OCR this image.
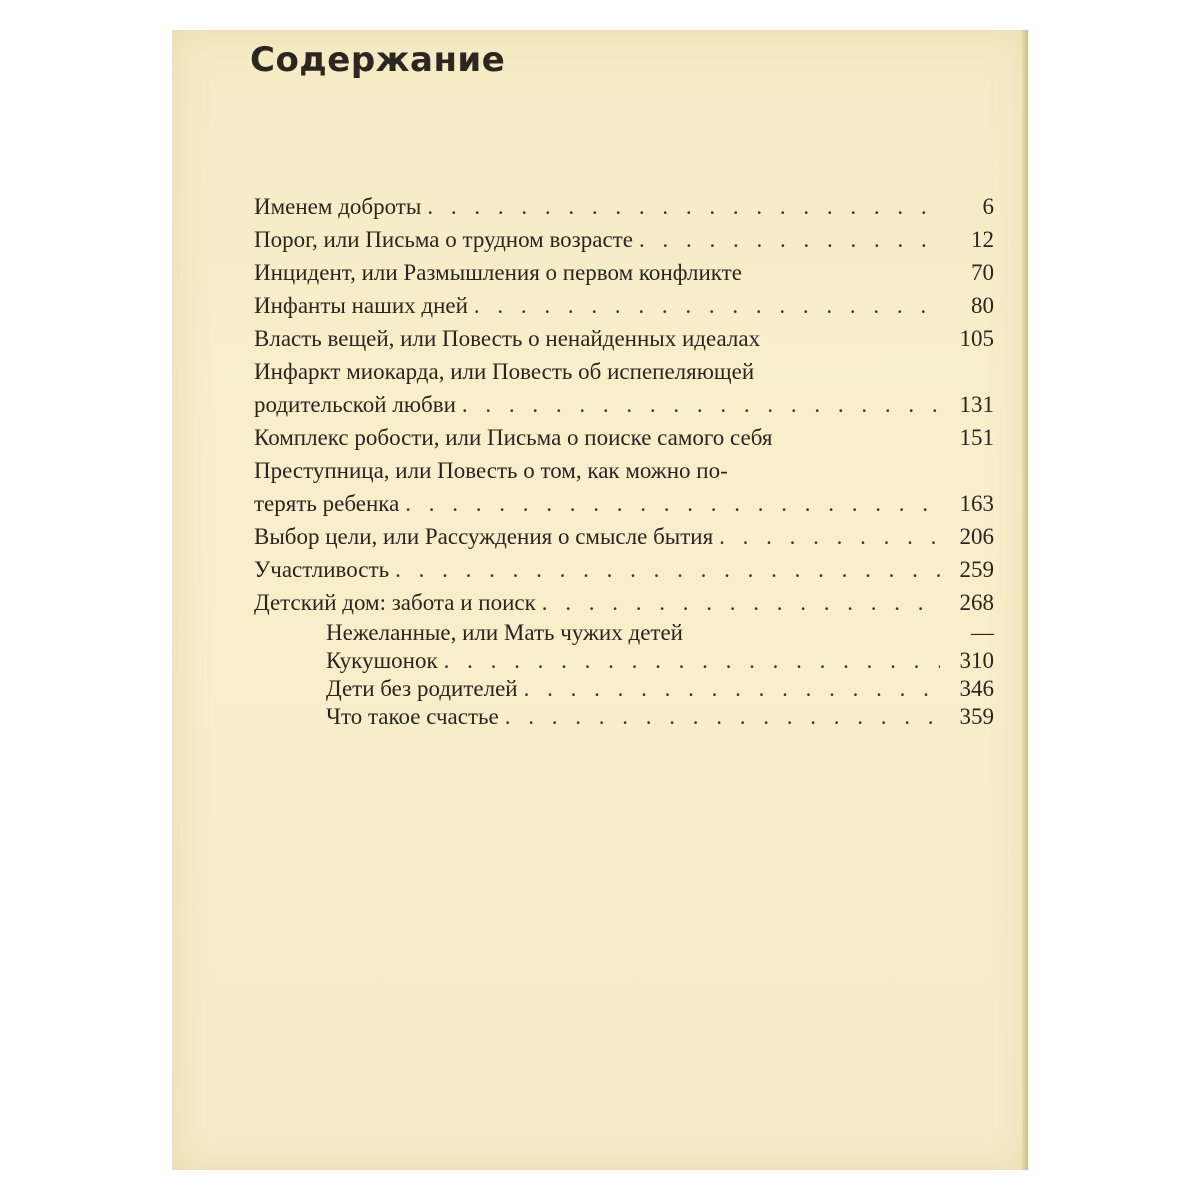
Содержание
Именем доброты . . .	6
Порог, или Письма о трудном возрасте . . .	12
Инцидент, или Размышления о первом конфликте	70
Инфанты наших дней . . .	80
Власть вещей, или Повесть о ненайденных идеалах	105
Инфаркт миокарда, или Повесть об испепеляющей
родительской любви . . .	131
Комплекс робости, или Письма о поиске самого себя	151
Преступница, или Повесть о том, как можно по-
терять ребенка . . .	163
Выбор цели, или Рассуждения о смысле бытия . . .	206
Участливость . . .	259
Детский дом: забота и поиск . . .	268
Нежеланные, или Мать чужих детей	—
Кукушонок . . .	310
Дети без родителей . . .	346
Что такое счастье . . .	359
